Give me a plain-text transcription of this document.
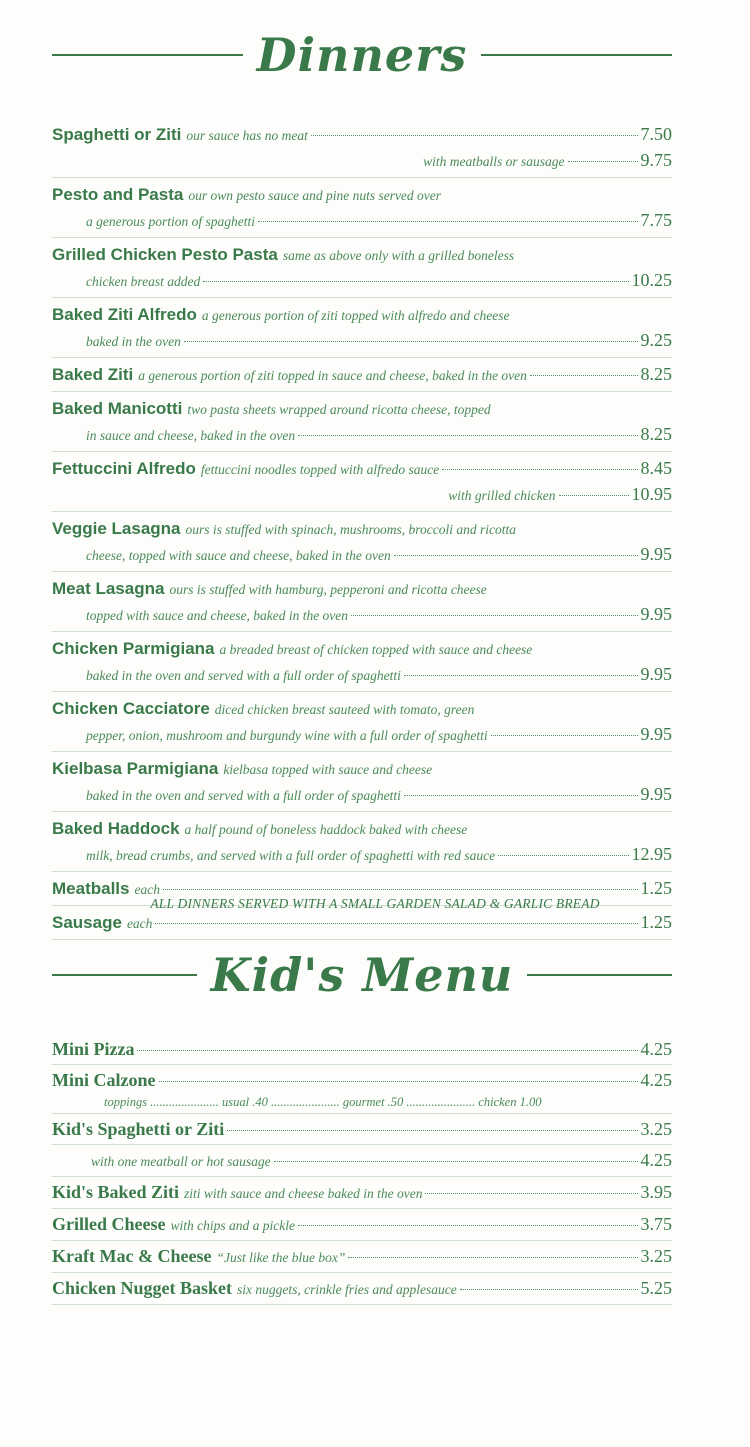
Dinners
Spaghetti or Ziti our sauce has no meat	7.50
with meatballs or sausage	9.75
Pesto and Pasta our own pesto sauce and pine nuts served over
a generous portion of spaghetti	7.75
Grilled Chicken Pesto Pasta same as above only with a grilled boneless
chicken breast added	10.25
Baked Ziti Alfredo a generous portion of ziti topped with alfredo and cheese
baked in the oven	9.25
Baked Ziti a generous portion of ziti topped in sauce and cheese, baked in the oven	8.25
Baked Manicotti two pasta sheets wrapped around ricotta cheese, topped
in sauce and cheese, baked in the oven	8.25
Fettuccini Alfredo fettuccini noodles topped with alfredo sauce	8.45
with grilled chicken	10.95
Veggie Lasagna ours is stuffed with spinach, mushrooms, broccoli and ricotta
cheese, topped with sauce and cheese, baked in the oven	9.95
Meat Lasagna ours is stuffed with hamburg, pepperoni and ricotta cheese
topped with sauce and cheese, baked in the oven	9.95
Chicken Parmigiana a breaded breast of chicken topped with sauce and cheese
baked in the oven and served with a full order of spaghetti	9.95
Chicken Cacciatore diced chicken breast sauteed with tomato, green
pepper, onion, mushroom and burgundy wine with a full order of spaghetti	9.95
Kielbasa Parmigiana kielbasa topped with sauce and cheese
baked in the oven and served with a full order of spaghetti	9.95
Baked Haddock a half pound of boneless haddock baked with cheese
milk, bread crumbs, and served with a full order of spaghetti with red sauce	12.95
Meatballs each	1.25
Sausage each	1.25
ALL DINNERS SERVED WITH A SMALL GARDEN SALAD & GARLIC BREAD
Kid's Menu
Mini Pizza	4.25
Mini Calzone	4.25
toppings ...................... usual .40 ...................... gourmet .50 ...................... chicken 1.00
Kid's Spaghetti or Ziti	3.25
with one meatball or hot sausage	4.25
Kid's Baked Ziti ziti with sauce and cheese baked in the oven	3.95
Grilled Cheese with chips and a pickle	3.75
Kraft Mac & Cheese “Just like the blue box”	3.25
Chicken Nugget Basket six nuggets, crinkle fries and applesauce	5.25
